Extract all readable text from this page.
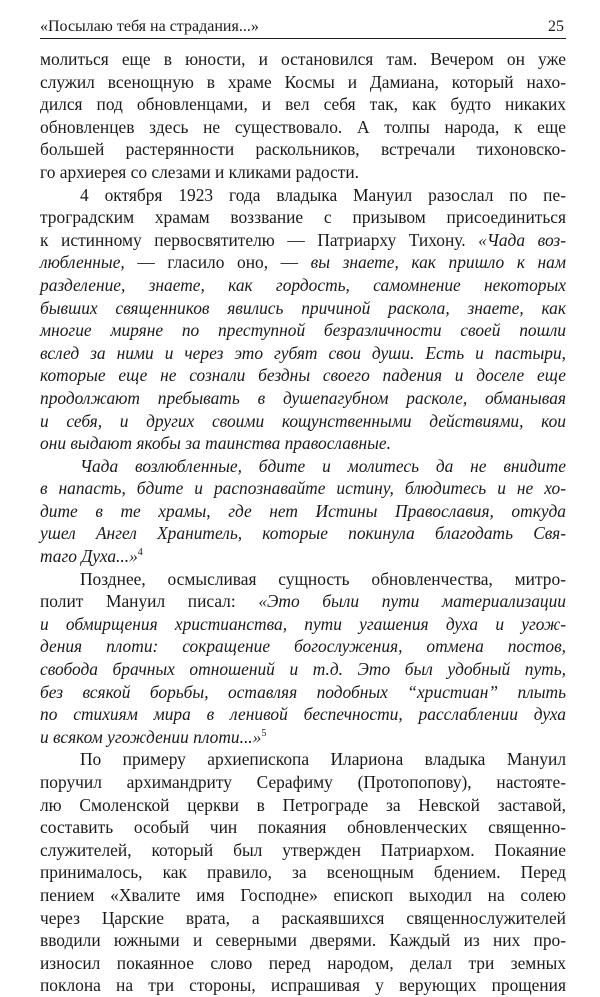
«Посылаю тебя на страдания...»	25
молиться еще в юности, и остановился там. Вечером он уже
служил всенощную в храме Космы и Дамиана, который нахо-
дился под обновленцами, и вел себя так, как будто никаких
обновленцев здесь не существовало. А толпы народа, к еще
большей растерянности раскольников, встречали тихоновско-
го архиерея со слезами и кликами радости.
4 октября 1923 года владыка Мануил разослал по пе-
троградским храмам воззвание с призывом присоединиться
к истинному первосвятителю — Патриарху Тихону. «Чада воз-
любленные, — гласило оно, — вы знаете, как пришло к нам
разделение, знаете, как гордость, самомнение некоторых
бывших священников явились причиной раскола, знаете, как
многие миряне по преступной безразличности своей пошли
вслед за ними и через это губят свои души. Есть и пастыри,
которые еще не сознали бездны своего падения и доселе еще
продолжают пребывать в душепагубном расколе, обманывая
и себя, и других своими кощунственными действиями, кои
они выдают якобы за таинства православные.
Чада возлюбленные, бдите и молитесь да не внидите
в напасть, бдите и распознавайте истину, блюдитесь и не хо-
дите в те храмы, где нет Истины Православия, откуда
ушел Ангел Хранитель, которые покинула благодать Свя-
таго Духа...»$^4$
Позднее, осмысливая сущность обновленчества, митро-
полит Мануил писал: «Это были пути материализации
и обмирщения христианства, пути угашения духа и угож-
дения плоти: сокращение богослужения, отмена постов,
свобода брачных отношений и т.д. Это был удобный путь,
без всякой борьбы, оставляя подобных “христиан” плыть
по стихиям мира в ленивой беспечности, расслаблении духа
и всяком угождении плоти...»$^5$
По примеру архиепископа Илариона владыка Мануил
поручил архимандриту Серафиму (Протопопову), настояте-
лю Смоленской церкви в Петрограде за Невской заставой,
составить особый чин покаяния обновленческих священно-
служителей, который был утвержден Патриархом. Покаяние
принималось, как правило, за всенощным бдением. Перед
пением «Хвалите имя Господне» епископ выходил на солею
через Царские врата, а раскаявшихся священнослужителей
вводили южными и северными дверями. Каждый из них про-
износил покаянное слово перед народом, делал три земных
поклона на три стороны, испрашивая у верующих прощения
